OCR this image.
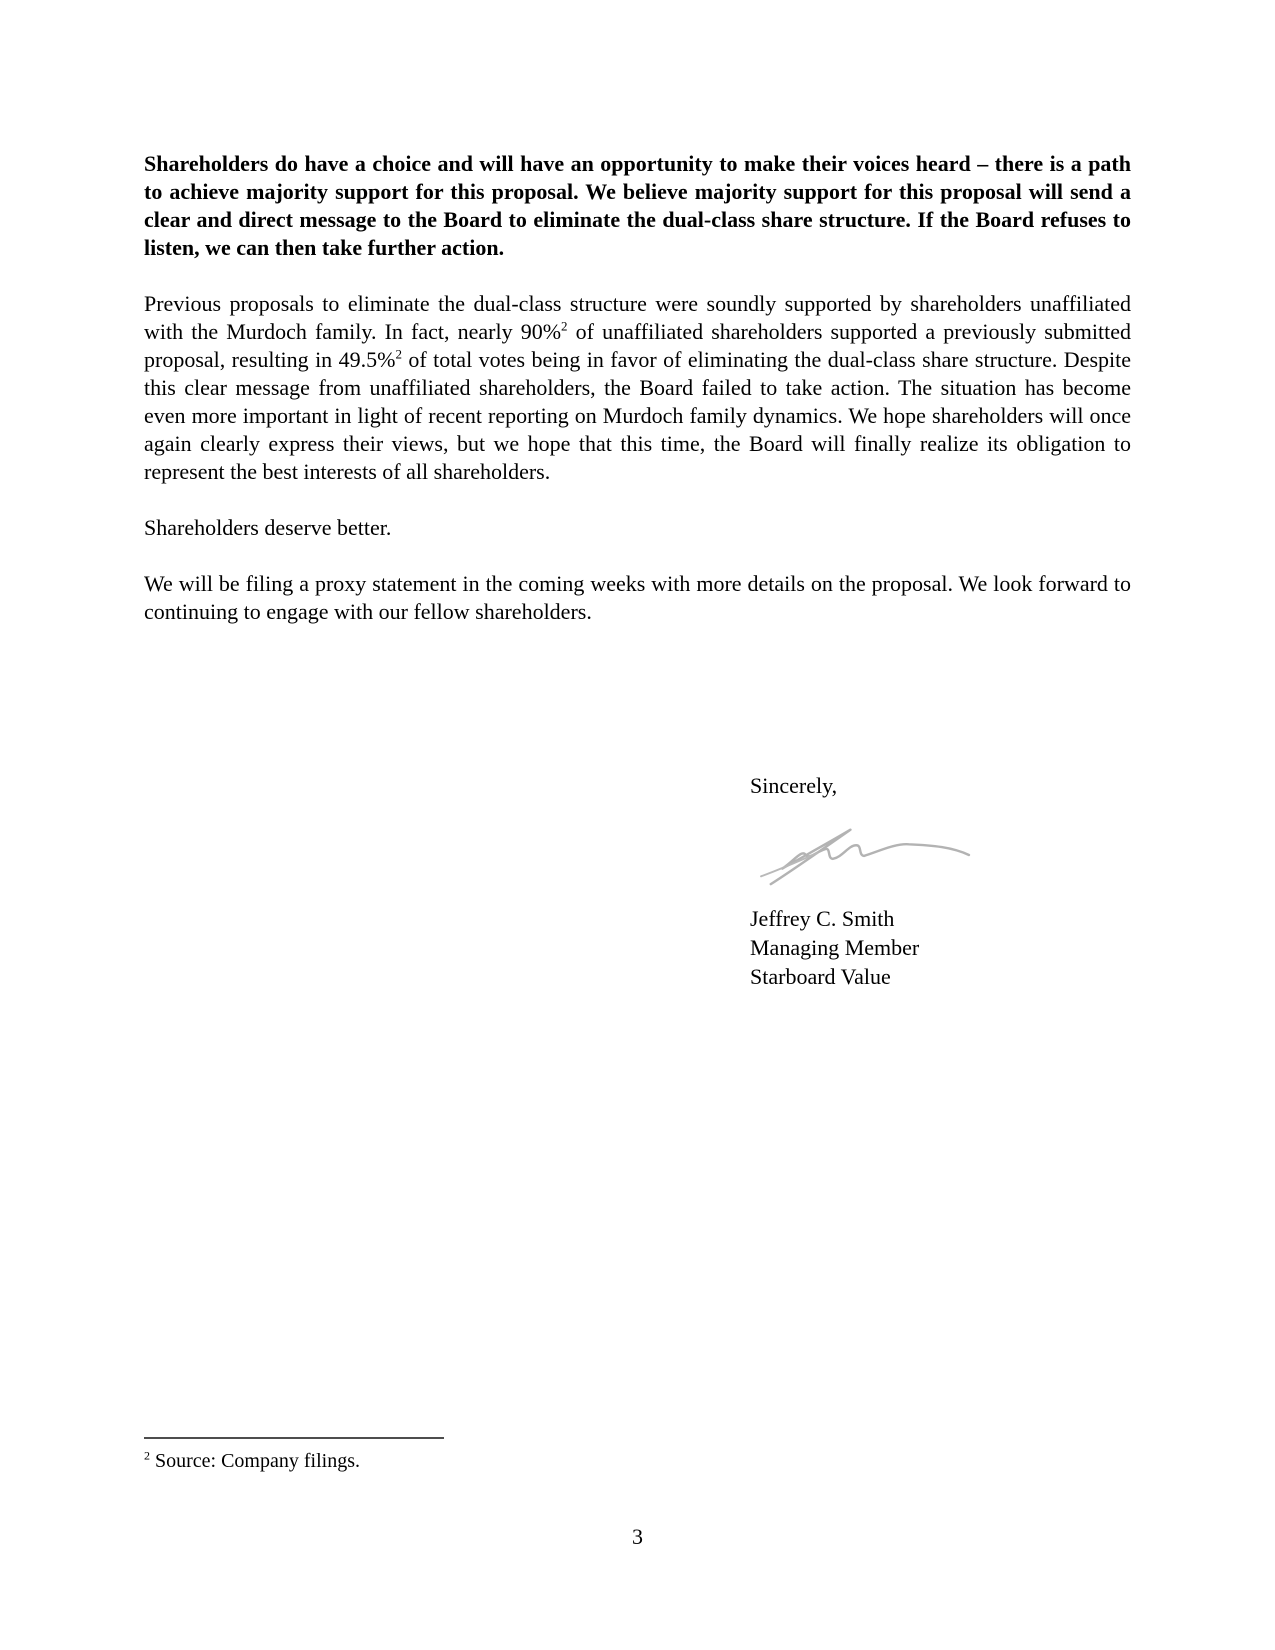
Shareholders do have a choice and will have an opportunity to make their voices heard – there is a path to achieve majority support for this proposal. We believe majority support for this proposal will send a clear and direct message to the Board to eliminate the dual-class share structure. If the Board refuses to listen, we can then take further action.

Previous proposals to eliminate the dual-class structure were soundly supported by shareholders unaffiliated with the Murdoch family. In fact, nearly 90%$^2$ of unaffiliated shareholders supported a previously submitted proposal, resulting in 49.5%$^2$ of total votes being in favor of eliminating the dual-class share structure. Despite this clear message from unaffiliated shareholders, the Board failed to take action. The situation has become even more important in light of recent reporting on Murdoch family dynamics. We hope shareholders will once again clearly express their views, but we hope that this time, the Board will finally realize its obligation to represent the best interests of all shareholders.

Shareholders deserve better.

We will be filing a proxy statement in the coming weeks with more details on the proposal. We look forward to continuing to engage with our fellow shareholders.

Sincerely,

Jeffrey C. Smith

Managing Member

Starboard Value

$^2$ Source: Company filings.

3
